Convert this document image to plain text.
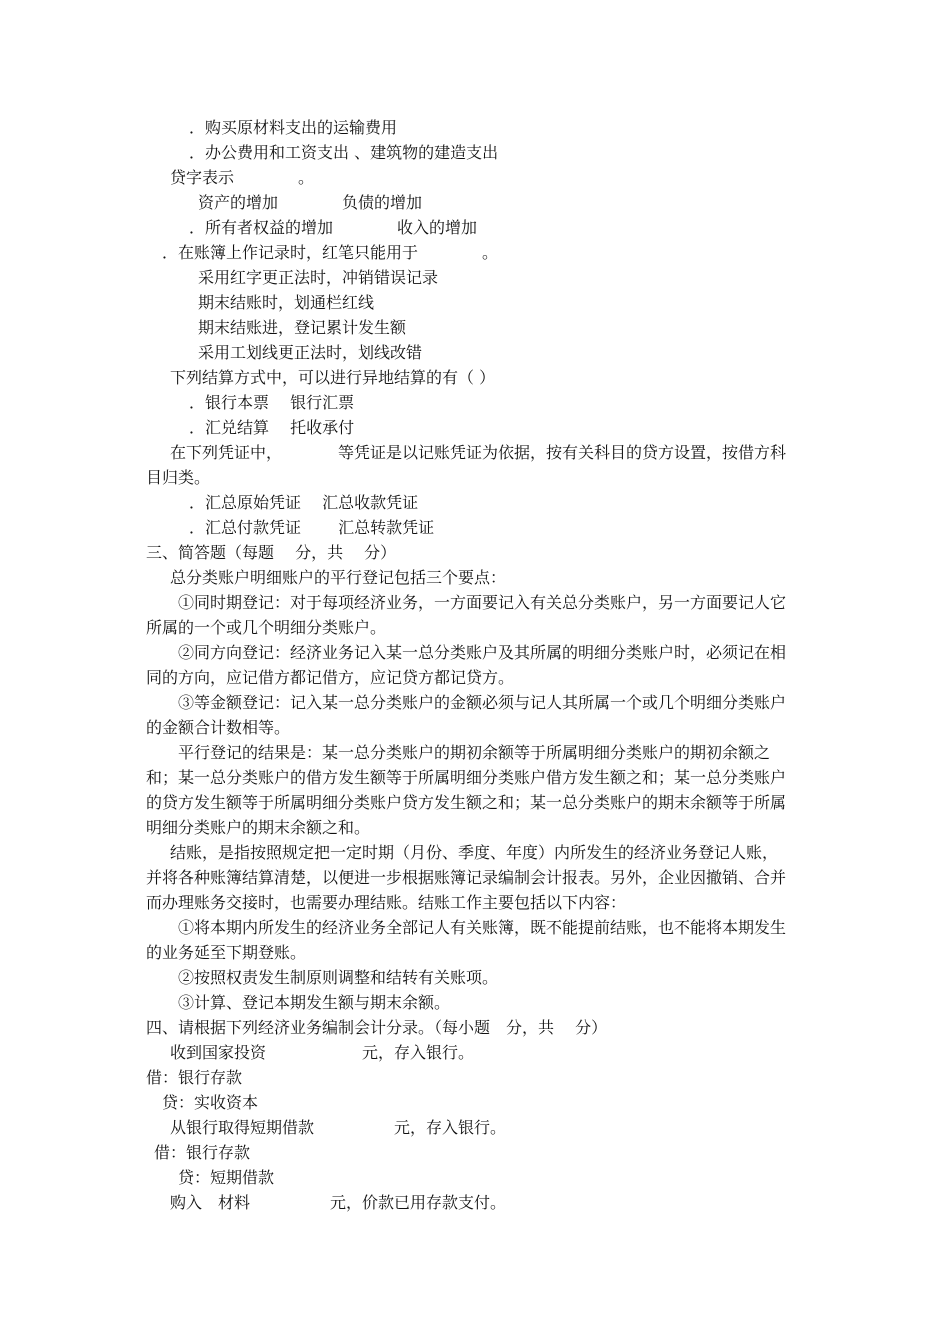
．购买原材料支出的运输费用
．办公费用和工资支出 、建筑物的建造支出
贷字表示　　　　。
资产的增加　　　　负债的增加
．所有者权益的增加　　　　收入的增加
．在账簿上作记录时，红笔只能用于　　　　。
采用红字更正法时，冲销错误记录
期末结账时，划通栏红线
期末结账进，登记累计发生额
采用工划线更正法时，划线改错
下列结算方式中，可以进行异地结算的有（ ）
．银行本票　 银行汇票
．汇兑结算　 托收承付
在下列凭证中，　　　　等凭证是以记账凭证为依据，按有关科目的贷方设置，按借方科
目归类。
．汇总原始凭证　 汇总收款凭证
．汇总付款凭证　　 汇总转款凭证
三、简答题（每题　 分，共　 分）
总分类账户明细账户的平行登记包括三个要点：
①同时期登记：对于每项经济业务，一方面要记入有关总分类账户，另一方面要记人它
所属的一个或几个明细分类账户。
②同方向登记：经济业务记入某一总分类账户及其所属的明细分类账户时，必须记在相
同的方向，应记借方都记借方，应记贷方都记贷方。
③等金额登记：记入某一总分类账户的金额必须与记人其所属一个或几个明细分类账户
的金额合计数相等。
平行登记的结果是：某一总分类账户的期初余额等于所属明细分类账户的期初余额之
和；某一总分类账户的借方发生额等于所属明细分类账户借方发生额之和；某一总分类账户
的贷方发生额等于所属明细分类账户贷方发生额之和；某一总分类账户的期末余额等于所属
明细分类账户的期末余额之和。
结账，是指按照规定把一定时期（月份、季度、年度）内所发生的经济业务登记人账，
并将各种账簿结算清楚，以便进一步根据账簿记录编制会计报表。另外，企业因撤销、合并
而办理账务交接时，也需要办理结账。结账工作主要包括以下内容：
①将本期内所发生的经济业务全部记人有关账簿，既不能提前结账，也不能将本期发生
的业务延至下期登账。
②按照权责发生制原则调整和结转有关账项。
③计算、登记本期发生额与期末余额。
四、请根据下列经济业务编制会计分录。（每小题　分，共　 分）
收到国家投资　　　　　　元，存入银行。
借：银行存款
贷：实收资本
从银行取得短期借款　　　　　元，存入银行。
借：银行存款
贷：短期借款
购入　材料　　　　　元，价款已用存款支付。
